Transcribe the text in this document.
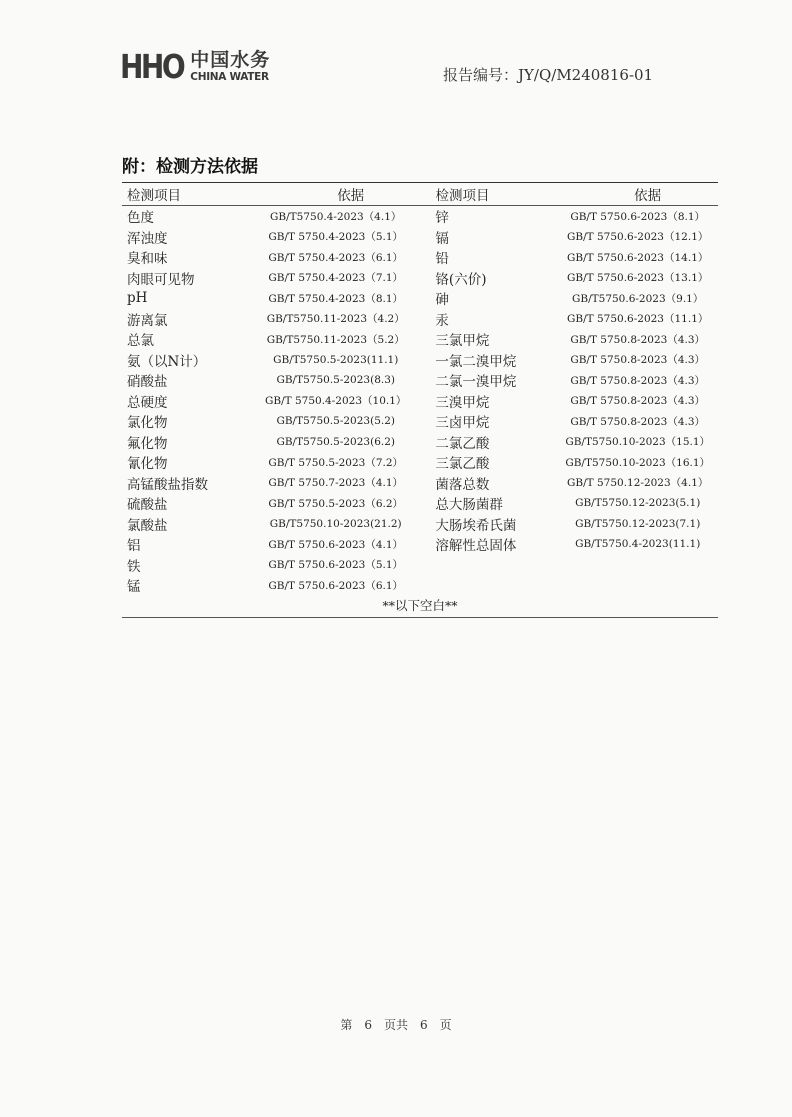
HHO 中国水务
CHINA WATER	报告编号：JY/Q/M240816-01
附：检测方法依据
检测项目	依据	检测项目	依据
色度	GB/T5750.4-2023（4.1）	锌	GB/T 5750.6-2023（8.1）
浑浊度	GB/T 5750.4-2023（5.1）	镉	GB/T 5750.6-2023（12.1）
臭和味	GB/T 5750.4-2023（6.1）	铅	GB/T 5750.6-2023（14.1）
肉眼可见物	GB/T 5750.4-2023（7.1）	铬(六价)	GB/T 5750.6-2023（13.1）
pH	GB/T 5750.4-2023（8.1）	砷	GB/T5750.6-2023（9.1）
游离氯	GB/T5750.11-2023（4.2）	汞	GB/T 5750.6-2023（11.1）
总氯	GB/T5750.11-2023（5.2）	三氯甲烷	GB/T 5750.8-2023（4.3）
氨（以N计）	GB/T5750.5-2023(11.1)	一氯二溴甲烷	GB/T 5750.8-2023（4.3）
硝酸盐	GB/T5750.5-2023(8.3)	二氯一溴甲烷	GB/T 5750.8-2023（4.3）
总硬度	GB/T 5750.4-2023（10.1）	三溴甲烷	GB/T 5750.8-2023（4.3）
氯化物	GB/T5750.5-2023(5.2)	三卤甲烷	GB/T 5750.8-2023（4.3）
氟化物	GB/T5750.5-2023(6.2)	二氯乙酸	GB/T5750.10-2023（15.1）
氰化物	GB/T 5750.5-2023（7.2）	三氯乙酸	GB/T5750.10-2023（16.1）
高锰酸盐指数	GB/T 5750.7-2023（4.1）	菌落总数	GB/T 5750.12-2023（4.1）
硫酸盐	GB/T 5750.5-2023（6.2）	总大肠菌群	GB/T5750.12-2023(5.1)
氯酸盐	GB/T5750.10-2023(21.2)	大肠埃希氏菌	GB/T5750.12-2023(7.1)
铝	GB/T 5750.6-2023（4.1）	溶解性总固体	GB/T5750.4-2023(11.1)
铁	GB/T 5750.6-2023（5.1）
锰	GB/T 5750.6-2023（6.1）
**以下空白**
第　6　页共　6　页
